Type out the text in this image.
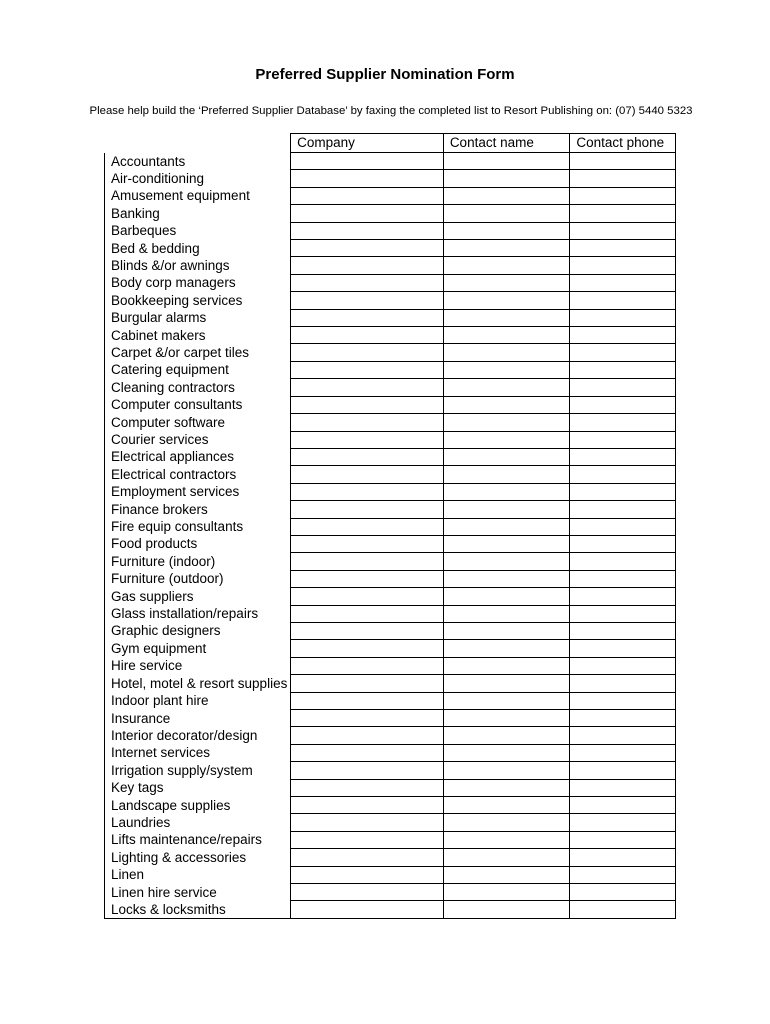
Preferred Supplier Nomination Form
Please help build the ‘Preferred Supplier Database’ by faxing the completed list to Resort Publishing on: (07) 5440 5323
	Company	Contact name	Contact phone
Accountants			
Air-conditioning			
Amusement equipment			
Banking			
Barbeques			
Bed & bedding			
Blinds &/or awnings			
Body corp managers			
Bookkeeping services			
Burgular alarms			
Cabinet makers			
Carpet &/or carpet tiles			
Catering equipment			
Cleaning contractors			
Computer consultants			
Computer software			
Courier services			
Electrical appliances			
Electrical contractors			
Employment services			
Finance brokers			
Fire equip consultants			
Food products			
Furniture (indoor)			
Furniture (outdoor)			
Gas suppliers			
Glass installation/repairs			
Graphic designers			
Gym equipment			
Hire service			
Hotel, motel & resort supplies			
Indoor plant hire			
Insurance			
Interior decorator/design			
Internet services			
Irrigation supply/system			
Key tags			
Landscape supplies			
Laundries			
Lifts maintenance/repairs			
Lighting & accessories			
Linen			
Linen hire service			
Locks & locksmiths			
